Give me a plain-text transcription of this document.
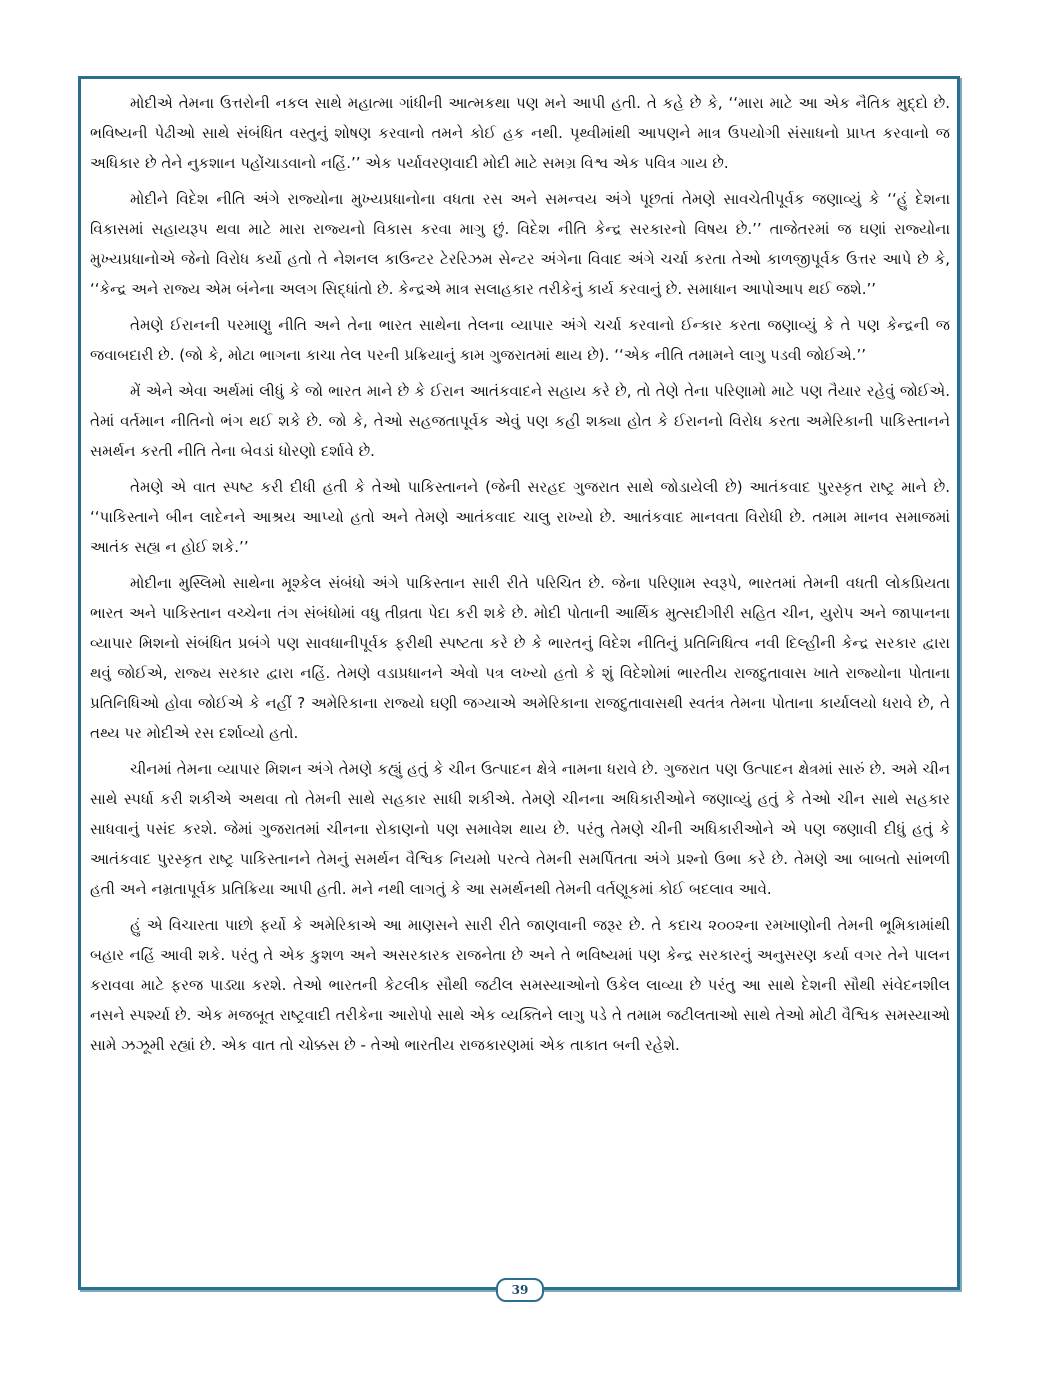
મોદીએ તેમના ઉત્તરોની નકલ સાથે મહાત્મા ગાંધીની આત્મકથા પણ મને આપી હતી. તે કહે છે કે, ‘‘મારા માટે આ એક નૈતિક મુદ્દો છે. ભવિષ્યની પેઢીઓ સાથે સંબંધિત વસ્તુનું શોષણ કરવાનો તમને કોઈ હક નથી. પૃથ્વીમાંથી આપણને માત્ર ઉપયોગી સંસાધનો પ્રાપ્ત કરવાનો જ અધિકાર છે તેને નુકશાન પહોંચાડવાનો નહિં.’’ એક પર્યાવરણવાદી મોદી માટે સમગ્ર વિશ્વ એક પવિત્ર ગાય છે.

મોદીને વિદેશ નીતિ અંગે રાજ્યોના મુખ્યપ્રધાનોના વધતા રસ અને સમન્વય અંગે પૂછતાં તેમણે સાવચેતીપૂર્વક જણાવ્યું કે ‘‘હું દેશના વિકાસમાં સહાયરૂપ થવા માટે મારા રાજ્યનો વિકાસ કરવા માગુ છું. વિદેશ નીતિ કેન્દ્ર સરકારનો વિષય છે.’’ તાજેતરમાં જ ઘણાં રાજ્યોના મુખ્યપ્રધાનોએ જેનો વિરોધ કર્યો હતો તે નેશનલ કાઉન્ટર ટેરરિઝમ સેન્ટર અંગેના વિવાદ અંગે ચર્ચા કરતા તેઓ કાળજીપૂર્વક ઉત્તર આપે છે કે, ‘‘કેન્દ્ર અને રાજ્ય એમ બંનેના અલગ સિદ્ધાંતો છે. કેન્દ્રએ માત્ર સલાહકાર તરીકેનું કાર્ય કરવાનું છે. સમાધાન આપોઆપ થઈ જશે.’’

તેમણે ઈરાનની પરમાણુ નીતિ અને તેના ભારત સાથેના તેલના વ્યાપાર અંગે ચર્ચા કરવાનો ઈન્કાર કરતા જણાવ્યું કે તે પણ કેન્દ્રની જ જવાબદારી છે. (જો કે, મોટા ભાગના કાચા તેલ પરની પ્રક્રિયાનું કામ ગુજરાતમાં થાય છે). ‘‘એક નીતિ તમામને લાગુ પડવી જોઈએ.’’

મેં એને એવા અર્થમાં લીધું કે જો ભારત માને છે કે ઈરાન આતંકવાદને સહાય કરે છે, તો તેણે તેના પરિણામો માટે પણ તૈયાર રહેવું જોઈએ. તેમાં વર્તમાન નીતિનો ભંગ થઈ શકે છે. જો કે, તેઓ સહજતાપૂર્વક એવું પણ કહી શક્યા હોત કે ઈરાનનો વિરોધ કરતા અમેરિકાની પાકિસ્તાનને સમર્થન કરતી નીતિ તેના બેવડાં ધોરણો દર્શાવે છે.

તેમણે એ વાત સ્પષ્ટ કરી દીધી હતી કે તેઓ પાકિસ્તાનને (જેની સરહદ ગુજરાત સાથે જોડાયેલી છે) આતંકવાદ પુરસ્કૃત રાષ્ટ્ર માને છે. ‘‘પાકિસ્તાને બીન લાદેનને આશ્રય આપ્યો હતો અને તેમણે આતંકવાદ ચાલુ રાખ્યો છે. આતંકવાદ માનવતા વિરોધી છે. તમામ માનવ સમાજમાં આતંક સહ્ય ન હોઈ શકે.’’

મોદીના મુસ્લિમો સાથેના મૂશ્કેલ સંબંધો અંગે પાકિસ્તાન સારી રીતે પરિચિત છે. જેના પરિણામ સ્વરૂપે, ભારતમાં તેમની વધતી લોકપ્રિયતા ભારત અને પાકિસ્તાન વચ્ચેના તંગ સંબંધોમાં વધુ તીવ્રતા પેદા કરી શકે છે. મોદી પોતાની આર્થિક મુત્સદીગીરી સહિત ચીન, યુરોપ અને જાપાનના વ્યાપાર મિશનો સંબંધિત પ્રબંગે પણ સાવધાનીપૂર્વક ફરીથી સ્પષ્ટતા કરે છે કે ભારતનું વિદેશ નીતિનું પ્રતિનિધિત્વ નવી દિલ્હીની કેન્દ્ર સરકાર દ્વારા થવું જોઈએ, રાજ્ય સરકાર દ્વારા નહિં. તેમણે વડાપ્રધાનને એવો પત્ર લખ્યો હતો કે શું વિદેશોમાં ભારતીય રાજદુતાવાસ ખાતે રાજ્યોના પોતાના પ્રતિનિધિઓ હોવા જોઈએ કે નહીં ? અમેરિકાના રાજ્યો ઘણી જગ્યાએ અમેરિકાના રાજદુતાવાસથી સ્વતંત્ર તેમના પોતાના કાર્યાલયો ધરાવે છે, તે તથ્ય પર મોદીએ રસ દર્શાવ્યો હતો.

ચીનમાં તેમના વ્યાપાર મિશન અંગે તેમણે કહ્યું હતું કે ચીન ઉત્પાદન ક્ષેત્રે નામના ધરાવે છે. ગુજરાત પણ ઉત્પાદન ક્ષેત્રમાં સારું છે. અમે ચીન સાથે સ્પર્ધા કરી શકીએ અથવા તો તેમની સાથે સહકાર સાધી શકીએ. તેમણે ચીનના અધિકારીઓને જણાવ્યું હતું કે તેઓ ચીન સાથે સહકાર સાધવાનું પસંદ કરશે. જેમાં ગુજરાતમાં ચીનના રોકાણનો પણ સમાવેશ થાય છે. પરંતુ તેમણે ચીની અધિકારીઓને એ પણ જણાવી દીધું હતું કે આતંકવાદ પુરસ્કૃત રાષ્ટ્ર પાકિસ્તાનને તેમનું સમર્થન વૈશ્વિક નિયમો પરત્વે તેમની સમર્પિતતા અંગે પ્રશ્નો ઉભા કરે છે. તેમણે આ બાબતો સાંભળી હતી અને નમ્રતાપૂર્વક પ્રતિક્રિયા આપી હતી. મને નથી લાગતું કે આ સમર્થનથી તેમની વર્તણૂકમાં કોઈ બદલાવ આવે.

હું એ વિચારતા પાછો ફર્યો કે અમેરિકાએ આ માણસને સારી રીતે જાણવાની જરૂર છે. તે કદાચ ૨૦૦૨ના રમખાણોની તેમની ભૂમિકામાંથી બહાર નહિં આવી શકે. પરંતુ તે એક કુશળ અને અસરકારક રાજનેતા છે અને તે ભવિષ્યમાં પણ કેન્દ્ર સરકારનું અનુસરણ કર્યા વગર તેને પાલન કરાવવા માટે ફરજ પાડ્યા કરશે. તેઓ ભારતની કેટલીક સૌથી જટીલ સમસ્યાઓનો ઉકેલ લાવ્યા છે પરંતુ આ સાથે દેશની સૌથી સંવેદનશીલ નસને સ્પર્શ્યા છે. એક મજબૂત રાષ્ટ્રવાદી તરીકેના આરોપો સાથે એક વ્યક્તિને લાગુ પડે તે તમામ જટીલતાઓ સાથે તેઓ મોટી વૈશ્વિક સમસ્યાઓ સામે ઝઝૂમી રહ્યાં છે. એક વાત તો ચોક્કસ છે - તેઓ ભારતીય રાજકારણમાં એક તાકાત બની રહેશે.

39
